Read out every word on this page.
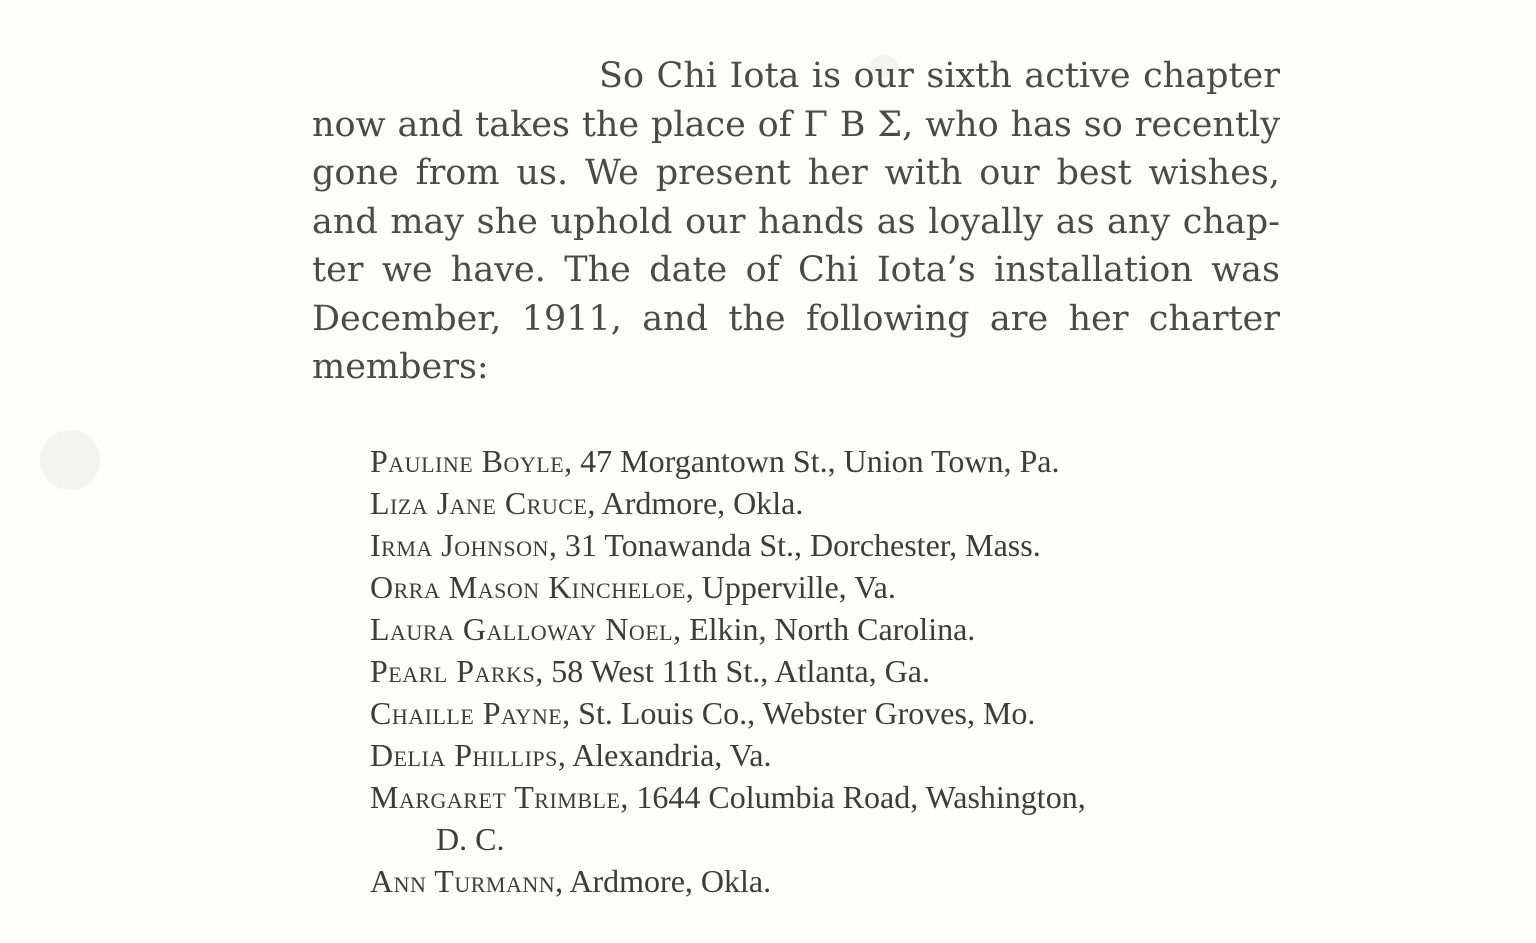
So Chi Iota is our sixth active chapter
now and takes the place of Γ Β Σ, who has so recently
gone from us. We present her with our best wishes,
and may she uphold our hands as loyally as any chap-
ter we have. The date of Chi Iota’s installation was
December, 1911, and the following are her charter
members:

Pauline Boyle, 47 Morgantown St., Union Town, Pa.
Liza Jane Cruce, Ardmore, Okla.
Irma Johnson, 31 Tonawanda St., Dorchester, Mass.
Orra Mason Kincheloe, Upperville, Va.
Laura Galloway Noel, Elkin, North Carolina.
Pearl Parks, 58 West 11th St., Atlanta, Ga.
Chaille Payne, St. Louis Co., Webster Groves, Mo.
Delia Phillips, Alexandria, Va.
Margaret Trimble, 1644 Columbia Road, Washington,
D. C.
Ann Turmann, Ardmore, Okla.
